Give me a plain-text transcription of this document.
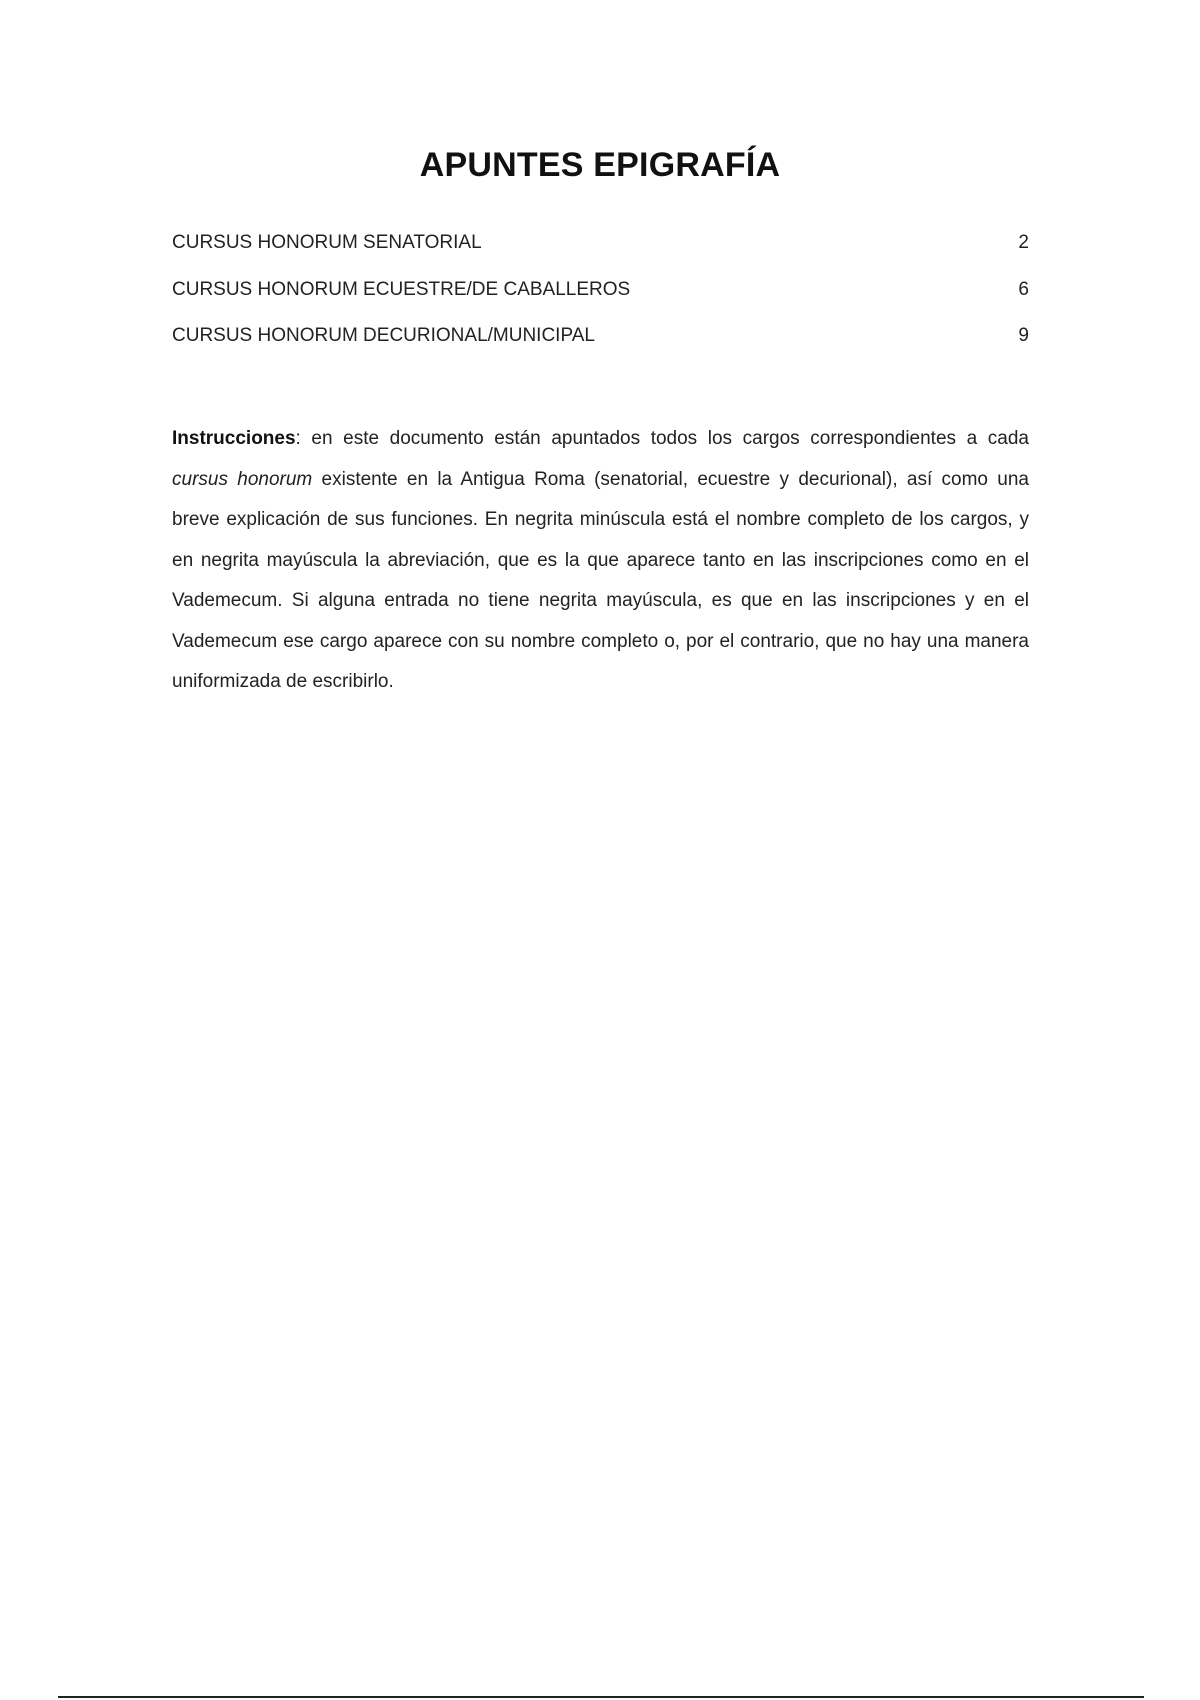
APUNTES EPIGRAFÍA
CURSUS HONORUM SENATORIAL	2
CURSUS HONORUM ECUESTRE/DE CABALLEROS	6
CURSUS HONORUM DECURIONAL/MUNICIPAL	9

Instrucciones: en este documento están apuntados todos los cargos correspondientes a cada cursus honorum existente en la Antigua Roma (senatorial, ecuestre y decurional), así como una breve explicación de sus funciones. En negrita minúscula está el nombre completo de los cargos, y en negrita mayúscula la abreviación, que es la que aparece tanto en las inscripciones como en el Vademecum. Si alguna entrada no tiene negrita mayúscula, es que en las inscripciones y en el Vademecum ese cargo aparece con su nombre completo o, por el contrario, que no hay una manera uniformizada de escribirlo.
